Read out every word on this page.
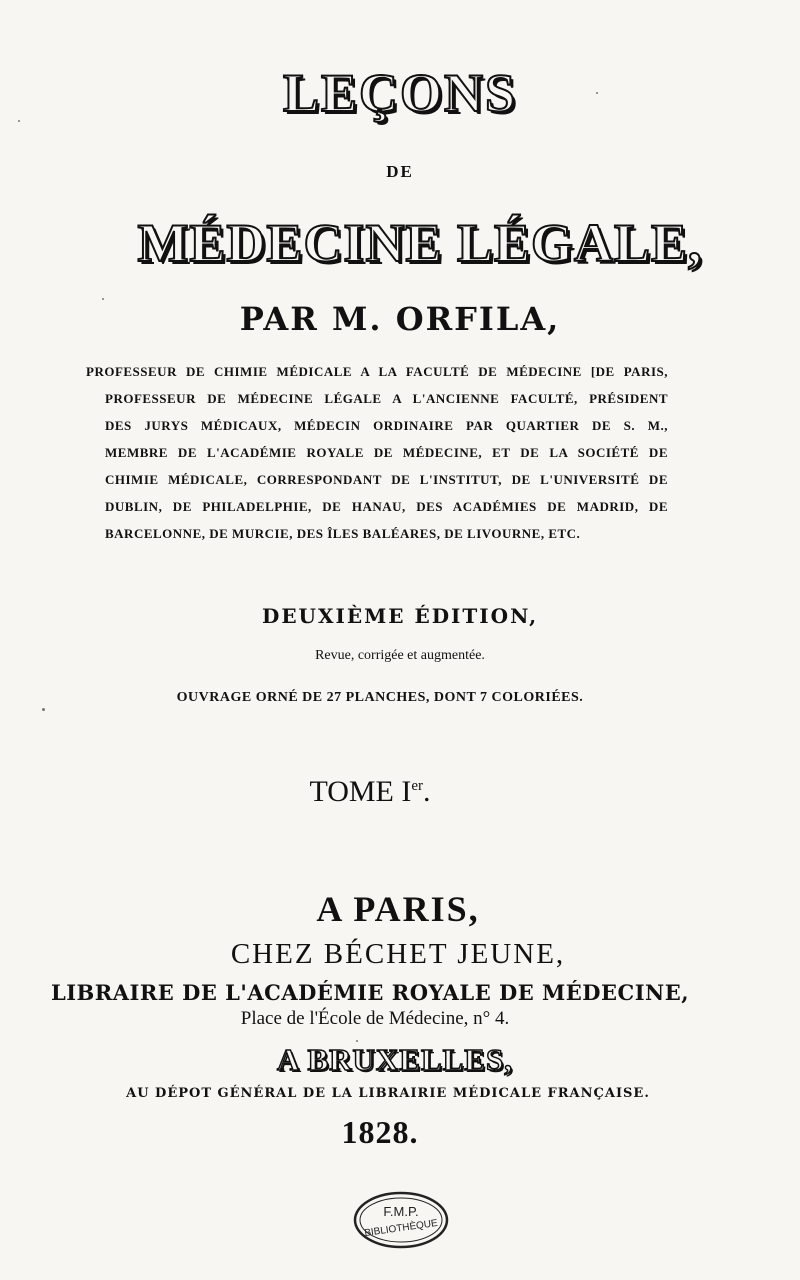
LEÇONS
DE
MÉDECINE LÉGALE,
PAR M. ORFILA,
PROFESSEUR DE CHIMIE MÉDICALE A LA FACULTÉ DE MÉDECINE [DE PARIS,
PROFESSEUR DE MÉDECINE LÉGALE A L'ANCIENNE FACULTÉ, PRÉSIDENT
DES JURYS MÉDICAUX, MÉDECIN ORDINAIRE PAR QUARTIER DE S. M.,
MEMBRE DE L'ACADÉMIE ROYALE DE MÉDECINE, ET DE LA SOCIÉTÉ DE
CHIMIE MÉDICALE, CORRESPONDANT DE L'INSTITUT, DE L'UNIVERSITÉ DE
DUBLIN, DE PHILADELPHIE, DE HANAU, DES ACADÉMIES DE MADRID, DE
BARCELONNE, DE MURCIE, DES ÎLES BALÉARES, DE LIVOURNE, ETC.
DEUXIÈME ÉDITION,
Revue, corrigée et augmentée.
OUVRAGE ORNÉ DE 27 PLANCHES, DONT 7 COLORIÉES.
TOME Ier.
A PARIS,
CHEZ BÉCHET JEUNE,
LIBRAIRE DE L'ACADÉMIE ROYALE DE MÉDECINE,
Place de l'École de Médecine, n° 4.
A BRUXELLES,
AU DÉPOT GÉNÉRAL DE LA LIBRAIRIE MÉDICALE FRANÇAISE.
1828.
F.M.P.
BIBLIOTHÈQUE
